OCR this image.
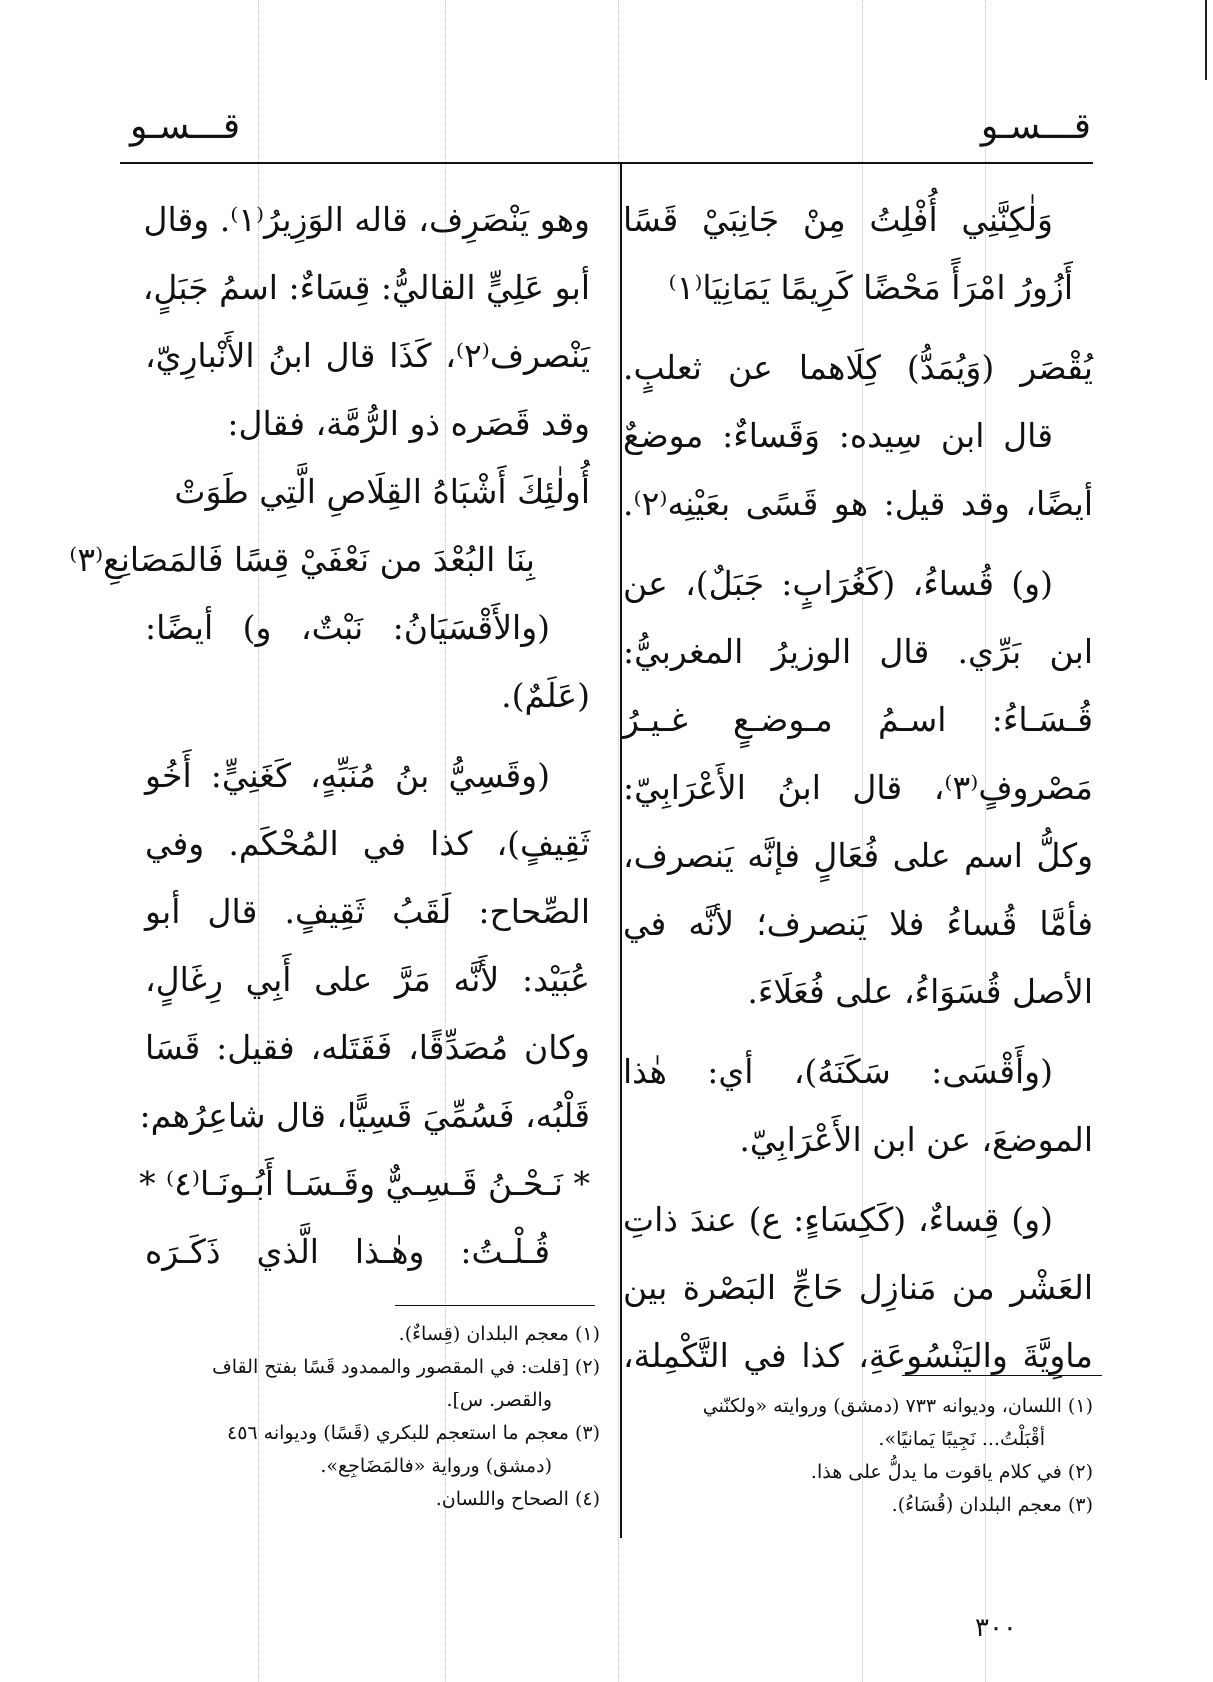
قـــسـو
قـــسـو
وَلٰكِنَّنِي أُفْلِتُ مِنْ جَانِبَيْ قَسًا
أَزُورُ امْرَأً مَحْضًا كَرِيمًا يَمَانِيَا⁽١⁾
يُقْصَر (وَيُمَدُّ) كِلَاهما عن ثعلبٍ.
قال ابن سِيده: وَقَساءٌ: موضعٌ
أيضًا، وقد قيل: هو قَسًى بعَيْنِه⁽٢⁾.
(و) قُساءُ، (كَغُرَابٍ: جَبَلٌ)، عن
ابن بَرِّي. قال الوزيرُ المغربيُّ:
قُـسَـاءُ: اسـمُ مـوضـعٍ غـيـرُ
مَصْروفٍ⁽٣⁾، قال ابنُ الأَعْرَابِيّ:
وكلُّ اسم على فُعَالٍ فإنَّه يَنصرف،
فأمَّا قُساءُ فلا يَنصرف؛ لأنَّه في
الأصل قُسَوَاءُ، على فُعَلَاءَ.
(وأَقْسَى: سَكَنَهُ)، أي: هٰذا
الموضعَ، عن ابن الأَعْرَابِيّ.
(و) قِساءٌ، (كَكِسَاءٍ: ع) عندَ ذاتِ
العَشْر من مَنازِل حَاجِّ البَصْرة بين
ماوِيَّةَ واليَنْسُوعَةِ، كذا في التَّكْمِلة،
وهو يَنْصَرِف، قاله الوَزِيرُ⁽١⁾. وقال
أبو عَلِيٍّ القاليُّ: قِسَاءٌ: اسمُ جَبَلٍ،
يَنْصرف⁽٢⁾، كَذَا قال ابنُ الأَنْبارِيّ،
وقد قَصَره ذو الرُّمَّة، فقال:
أُولٰئِكَ أَشْبَاهُ القِلَاصِ الَّتِي طَوَتْ
بِنَا البُعْدَ من نَعْفَيْ قِسًا فَالمَصَانِعِ⁽٣⁾
(والأَقْسَيَانُ: نَبْتٌ، و) أيضًا:
(عَلَمٌ).
(وقَسِيُّ بنُ مُنَبِّهٍ، كَغَنِيٍّ: أَخُو
ثَقِيفٍ)، كذا في المُحْكَم. وفي
الصِّحاح: لَقَبُ ثَقِيفٍ. قال أبو
عُبَيْد: لأَنَّه مَرَّ على أَبِي رِغَالٍ،
وكان مُصَدِّقًا، فَقَتَله، فقيل: قَسَا
قَلْبُه، فَسُمِّيَ قَسِيًّا، قال شاعِرُهم:
* نَـحْـنُ قَـسِـيٌّ وقَـسَـا أَبُـونَـا⁽٤⁾ *
قُـلْـتُ: وهٰـذا الَّذي ذَكَـرَه
(١) معجم البلدان (قِساءٌ).
(٢) [قلت: في المقصور والممدود قَسًا بفتح القاف
والقصر. س].
(٣) معجم ما استعجم للبكري (قَسًا) وديوانه ٤٥٦
(دمشق) ورواية «فالمَضَاجِع».
(٤) الصحاح واللسان.
(١) اللسان، وديوانه ٧٣٣ (دمشق) وروايته «ولكنّني
أقْبَلْتُ... نَجِيبًا يَمانيًا».
(٢) في كلام ياقوت ما يدلُّ على هذا.
(٣) معجم البلدان (قُسَاءُ).
٣٠٠
